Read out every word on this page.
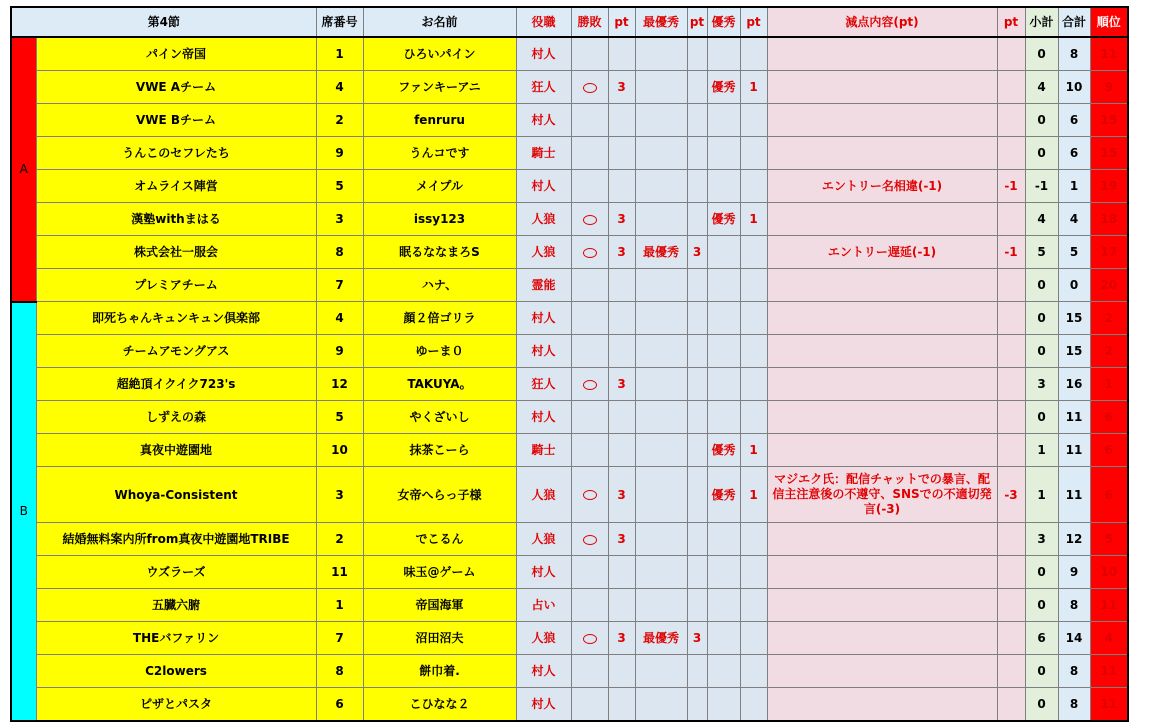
第4節		席番号	お名前	役職	勝敗	pt	最優秀	pt	優秀	pt	減点内容(pt)	pt	小計	合計	順位
A	パイン帝国	1	ひろいパイン	村人									0	8	11
	VWE Aチーム	4	ファンキーアニ	狂人		3			優秀	1			4	10	9
	VWE Bチーム	2	fenruru	村人									0	6	15
	うんこのセフレたち	9	うんコです	騎士									0	6	15
	オムライス陣営	5	メイプル	村人							エントリー名相違(-1)	-1	-1	1	19
	漢塾withまはる	3	issy123	人狼		3			優秀	1			4	4	18
	株式会社一服会	8	眠るななまろS	人狼		3	最優秀	3			エントリー遅延(-1)	-1	5	5	17
	プレミアチーム	7	ハナ、	霊能									0	0	20
B	即死ちゃんキュンキュン倶楽部	4	顔２倍ゴリラ	村人									0	15	2
	チームアモングアス	9	ゆーま０	村人									0	15	2
	超絶頂イクイク723's	12	TAKUYA。	狂人		3							3	16	1
	しずえの森	5	やくざいし	村人									0	11	6
	真夜中遊園地	10	抹茶こーら	騎士					優秀	1			1	11	6
	Whoya-Consistent	3	女帝へらっ子様	人狼		3			優秀	1	マジエク氏：配信チャットでの暴言、配信主注意後の不遵守、SNSでの不適切発言(-3)	-3	1	11	6
	結婚無料案内所from真夜中遊園地TRIBE	2	でこるん	人狼		3							3	12	5
	ウズラーズ	11	味玉@ゲーム	村人									0	9	10
	五臓六腑	1	帝国海軍	占い									0	8	11
	THEバファリン	7	沼田沼夫	人狼		3	最優秀	3					6	14	4
	C2lowers	8	餅巾着.	村人									0	8	11
	ピザとパスタ	6	こひなな２	村人									0	8	11
